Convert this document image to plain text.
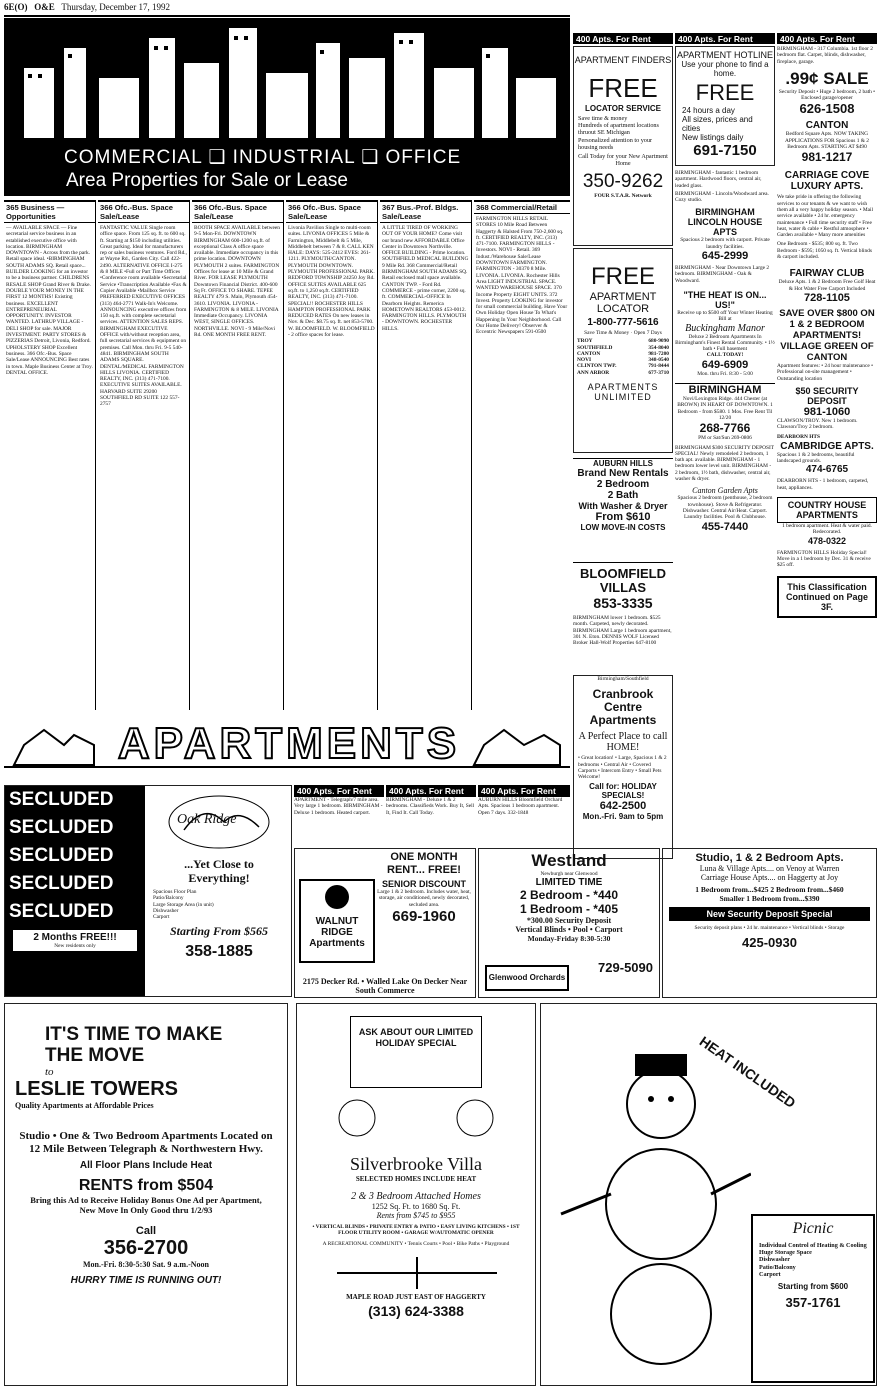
6E(O) O&E Thursday, December 17, 1992
COMMERCIAL ❑ INDUSTRIAL ❑ OFFICE
Area Properties for Sale or Lease
365 Business — Opportunities
— AVAILABLE SPACE — Fine secretarial service business in an established executive office with location. BIRMINGHAM DOWNTOWN - Across from the park. Retail space ideal. •BIRMINGHAM SOUTH ADAMS SQ. Retail space... BUILDER LOOKING for an investor to be a business partner. CHILDRENS RESALE SHOP Grand River & Drake. DOUBLE YOUR MONEY IN THE FIRST 12 MONTHS! Existing business. EXCELLENT ENTREPRENEURIAL OPPORTUNITY. INVESTOR WANTED. LATHRUP VILLAGE - DELI SHOP for sale. MAJOR INVESTMENT. PARTY STORES & PIZZERIAS Detroit, Livonia, Redford. UPHOLSTERY SHOP Excellent business. 366 Ofc.-Bus. Space Sale/Lease ANNOUNCING Best rates in town. Maple Business Center at Troy. DENTAL OFFICE.
366 Ofc.-Bus. Space Sale/Lease
FANTASTIC VALUE Single room office space. From 125 sq. ft. to 600 sq. ft. Starting at $150 including utilities. Great parking. Ideal for manufacturers rep or sales business ventures. Ford Rd., at Wayne Rd., Garden City. Call 422-2490. ALTERNATIVE OFFICE I-275 & 8 MILE •Full or Part Time Offices •Conference room available •Secretarial Service •Transcription Available •Fax & Copier Available •Mailbox Service PREFERRED EXECUTIVE OFFICES (313) 464-2771 Walk-In's Welcome. ANNOUNCING executive offices from 150 sq.ft. with complete secretarial services. ATTENTION SALES REPS. BIRMINGHAM EXECUTIVE OFFICE with/without reception area, full secretarial services & equipment on premises. Call Mon. thru Fri. 9-5 540-4841. BIRMINGHAM SOUTH ADAMS SQUARE. DENTAL/MEDICAL FARMINGTON HILLS LIVONIA. CERTIFIED REALTY, INC. (313) 471-7100. EXECUTIVE SUITES AVAILABLE. HARVARD SUITE 29200 SOUTHFIELD RD SUITE 122 557-2757
366 Ofc.-Bus. Space Sale/Lease
BOOTH SPACE AVAILABLE between 9-5 Mon-Fri. DOWNTOWN BIRMINGHAM 600-1200 sq.ft. of exceptional Class A office space available. Immediate occupancy in this prime location. DOWNTOWN PLYMOUTH 2 suites. FARMINGTON Offices for lease at 10 Mile & Grand River. FOR LEASE PLYMOUTH Downtown Financial District. 400-600 Sq Ft. OFFICE TO SHARE. TEPEE REALTY 479 S. Main, Plymouth 454-3610. LIVONIA. LIVONIA - FARMINGTON & 8 MILE. LIVONIA Immediate Occupancy. LIVONIA WEST, SINGLE OFFICES. NORTHVILLE. NOVI - 9 Mile/Novi Rd. ONE MONTH FREE RENT.
366 Ofc.-Bus. Space Sale/Lease
Livonia Pavilion Single to multi-room suites. LIVONIA OFFICES 5 Mile & Farmington, Middlebelt & 5 Mile, Middlebelt between 7 & 8. CALL KEN HALE: DAYS: 525-2412 EVES: 261-1211. PLYMOUTH/CANTON. PLYMOUTH DOWNTOWN. PLYMOUTH PROFESSIONAL PARK. REDFORD TOWNSHIP 24250 Joy Rd. OFFICE SUITES AVAILABLE 625 sq.ft. to 1,250 sq.ft. CERTIFIED REALTY, INC. (313) 471-7100. SPECIAL!! ROCHESTER HILLS HAMPTON PROFESSIONAL PARK REDUCED RATES On new leases in Nov. & Dec. $8.75 sq. ft. net 853-5700. W. BLOOMFIELD. W. BLOOMFIELD - 2 office spaces for lease.
367 Bus.-Prof. Bldgs. Sale/Lease
A LITTLE TIRED OF WORKING OUT OF YOUR HOME? Come visit our brand new AFFORDABLE Office Center in Downtown Northville. OFFICE BUILDING - Prime location. SOUTHFIELD MEDICAL BUILDING 9 Mile Rd. 368 Commercial/Retail BIRMINGHAM SOUTH ADAMS SQ. Retail enclosed mall space available. CANTON TWP. - Ford Rd. COMMERCE - prime corner, 2200 sq. ft. COMMERCIAL-OFFICE In Dearborn Heights. Remerica HOMETOWN REALTORS 453-0012. FARMINGTON HILLS. PLYMOUTH - DOWNTOWN. ROCHESTER HILLS.
368 Commercial/Retail
FARMINGTON HILLS RETAIL STORES 10 Mile Road Between Haggerty & Halsted From 750-2,600 sq. ft. CERTIFIED REALTY, INC. (313) 471-7100. FARMINGTON HILLS - Investors. NOVI - Retail. 369 Indust./Warehouse Sale/Lease DOWNTOWN FARMINGTON. FARMINGTON - 30370 8 Mile. LIVONIA. LIVONIA. Rochester Hills Area LIGHT INDUSTRIAL SPACE. WANTED WAREHOUSE SPACE. 370 Income Property EIGHT UNITS. 372 Invest. Property LOOKING for investor for small commercial building. Have Your Own Holiday Open House To What's Happening In Your Neighborhood. Call Our Home Delivery! Observer & Eccentric Newspapers 591-0500
400 Apts. For Rent	400 Apts. For Rent	400 Apts. For Rent
APARTMENT FINDERS
FREE
LOCATOR SERVICE
Save time & money
Hundreds of apartment locations thruout SE Michigan
Personalized attention to your housing needs
Call Today for your New Apartment Home
350-9262
FOUR S.T.A.R. Network
APARTMENT HOTLINE
Use your phone to find a home.
FREE
24 hours a day
All sizes, prices and cities
New listings daily
691-7150
BIRMINGHAM - 317 Columbia. 1st floor 2 bedroom flat. Carpet, blinds, dishwasher, fireplace, garage.
.99¢ SALE
Security Deposit • Huge 2 bedroom, 2 bath • Enclosed garage/opener
626-1508
CANTON
Bedford Square Apts. NOW TAKING APPLICATIONS FOR Spacious 1 & 2 Bedroom Apts. STARTING AT $490
981-1217
CARRIAGE COVE LUXURY APTS.
We take pride in offering the following services to our tenants & we want to wish them all a very happy holiday season. • Mail service available • 24 hr. emergency maintenance • Full time security staff • Free heat, water & cable • Restful atmosphere • Garden available • Many more amenities
One Bedroom - $535; 800 sq. ft. Two Bedroom - $595; 1050 sq. ft. Vertical blinds & carport included.
FAIRWAY CLUB
Deluxe Apts. 1 & 2 Bedroom Free Golf Heat & Hot Water Free Carport Included
728-1105
SAVE OVER $800 ON 1 & 2 BEDROOM APARTMENTS! VILLAGE GREEN OF CANTON
Apartment features: • 24 hour maintenance • Professional on-site management • Outstanding location
$50 SECURITY DEPOSIT
981-1060
CLAWSON/TROY. New 1 bedroom. Clawson/Troy 2 bedroom.
DEARBORN HTS
CAMBRIDGE APTS.
Spacious 1 & 2 bedrooms, beautiful landscaped grounds.
474-6765
DEARBORN HTS - 1 bedroom, carpeted, heat, appliances.
COUNTRY HOUSE APARTMENTS
1 bedroom apartment. Heat & water paid. Redecorated.
478-0322
FARMINGTON HILLS Holiday Special! Move in a 1 bedroom by Dec. 31 & receive $25 off.
This Classification Continued on Page 3F.
BIRMINGHAM - fantastic 1 bedroom apartment. Hardwood floors, central air, leaded glass.
BIRMINGHAM - Lincoln/Woodward area. Cozy studio.
BIRMINGHAM LINCOLN HOUSE APTS
Spacious 2 bedroom with carport. Private laundry facilities.
645-2999
BIRMINGHAM - Near Downtown Large 2 bedroom. BIRMINGHAM - Oak & Woodward.
"THE HEAT IS ON... US!"
Receive up to $500 off Your Winter Heating Bill at
Buckingham Manor
Deluxe 2 Bedroom Apartments In Birmingham's Finest Rental Community. • 1½ bath • Full basement
CALL TODAY!
649-6909
Mon. thru Fri. 8:30 - 5:00
BIRMINGHAM
Novi/Lexington Ridge. 444 Chester (at BROWN) IN HEART OF DOWNTOWN. 1 Bedroom - from $580. 1 Mos. Free Rent Til 12/20
268-7766
PM or Sat/Sun 269-0806
BIRMINGHAM $300 SECURITY DEPOSIT SPECIAL! Newly remodeled 2 bedroom, 1 bath apt. available. BIRMINGHAM - 1 bedroom lower level unit. BIRMINGHAM - 2 bedroom, 1½ bath, dishwasher, central air, washer & dryer.
Canton Garden Apts
Spacious 2 bedroom (penthouse, 2 bedroom townhouse). Stove & Refrigerator. Dishwasher. Central Air/Heat. Carport. Laundry facilities. Pool & Clubhouse.
455-7440
FREE
APARTMENT LOCATOR
1-800-777-5616
Save Time & Money · Open 7 Days
TROY	680-9090
SOUTHFIELD	354-8040
CANTON	981-7200
NOVI	348-0540
CLINTON TWP.	791-8444
ANN ARBOR	677-3710
APARTMENTS UNLIMITED
AUBURN HILLS
Brand New Rentals
2 Bedroom
2 Bath
With Washer & Dryer
From $610
LOW MOVE-IN COSTS
BLOOMFIELD VILLAS
853-3335
BIRMINGHAM lower 1 bedroom. $525 month. Carpeted, newly decorated. BIRMINGHAM Large 1 bedroom apartment, 301 N. Eton. DENNIS WOLF Licensed Broker Hall-Wolf Properties 647-8100
Birmingham/Southfield
Cranbrook Centre Apartments
A Perfect Place to call HOME!
• Great location! • Large, Spacious 1 & 2 bedrooms • Central Air • Covered Carports • Intercom Entry • Small Pets Welcome!
Call for: HOLIDAY SPECIALS!
642-2500
Mon.-Fri. 9am to 5pm
APARTMENTS
SECLUDED
SECLUDED
SECLUDED
SECLUDED
SECLUDED
2 Months FREE!!!
New residents only
Oak Ridge
...Yet Close to Everything!
Spacious Floor Plan
Patio/Balcony
Large Storage Area (in unit)
Dishwasher
Carport
Starting From $565
358-1885
400 Apts. For Rent
APARTMENT - Telegraph/7 mile area. Very large 1 bedroom. BIRMINGHAM - Deluxe 1 bedroom. Heated carport.
400 Apts. For Rent
BIRMINGHAM - Deluxe 1 & 2 bedrooms. Classifieds Work. Buy It, Sell It, Find It. Call Today.
400 Apts. For Rent
AUBURN HILLS Bloomfield Orchard Apts. Spacious 1 bedroom apartment. Open 7 days. 332-1848
WALNUT RIDGE Apartments
ONE MONTH RENT... FREE!
SENIOR DISCOUNT
Large 1 & 2 bedroom. Includes water, heat, storage, air conditioned, newly decorated, secluded area.
669-1960
2175 Decker Rd. • Walled Lake On Decker Near South Commerce
Westland
Newburgh near Glenwood
LIMITED TIME
2 Bedroom - *440
1 Bedroom - *405
*300.00 Security Deposit
Vertical Blinds • Pool • Carport
Monday-Friday 8:30-5:30
Glenwood Orchards
729-5090
Studio, 1 & 2 Bedroom Apts.
Luna & Village Apts.... on Venoy at Warren
Carriage House Apts.... on Haggerty at Joy
1 Bedroom from...$425 2 Bedroom from...$460
Smaller 1 Bedroom from...$390
New Security Deposit Special
Security deposit plans • 24 hr. maintenance • Vertical blinds • Storage
425-0930
IT'S TIME TO MAKE THE MOVE
to
LESLIE TOWERS
Quality Apartments at Affordable Prices
Studio • One & Two Bedroom Apartments Located on 12 Mile Between Telegraph & Northwestern Hwy.
All Floor Plans Include Heat
RENTS from $504
Bring this Ad to Receive Holiday Bonus One Ad per Apartment, New Move In Only Good thru 1/2/93
Call
356-2700
Mon.-Fri. 8:30-5:30 Sat. 9 a.m.-Noon
HURRY TIME IS RUNNING OUT!
ASK ABOUT OUR LIMITED HOLIDAY SPECIAL
Silverbrooke Villa
SELECTED HOMES INCLUDE HEAT
2 & 3 Bedroom Attached Homes
1252 Sq. Ft. to 1680 Sq. Ft.
Rents from $745 to $955
• VERTICAL BLINDS • PRIVATE ENTRY & PATIO • EASY LIVING KITCHENS • 1ST FLOOR UTILITY ROOM • GARAGE W/AUTOMATIC OPENER
A RECREATIONAL COMMUNITY • Tennis Courts • Pool • Bike Paths • Playground
MAPLE ROAD JUST EAST OF HAGGERTY
(313) 624-3388
HEAT INCLUDED
Picnic
Individual Control of Heating & Cooling
Huge Storage Space
Dishwasher
Patio/Balcony
Carport
Starting from $600
357-1761
